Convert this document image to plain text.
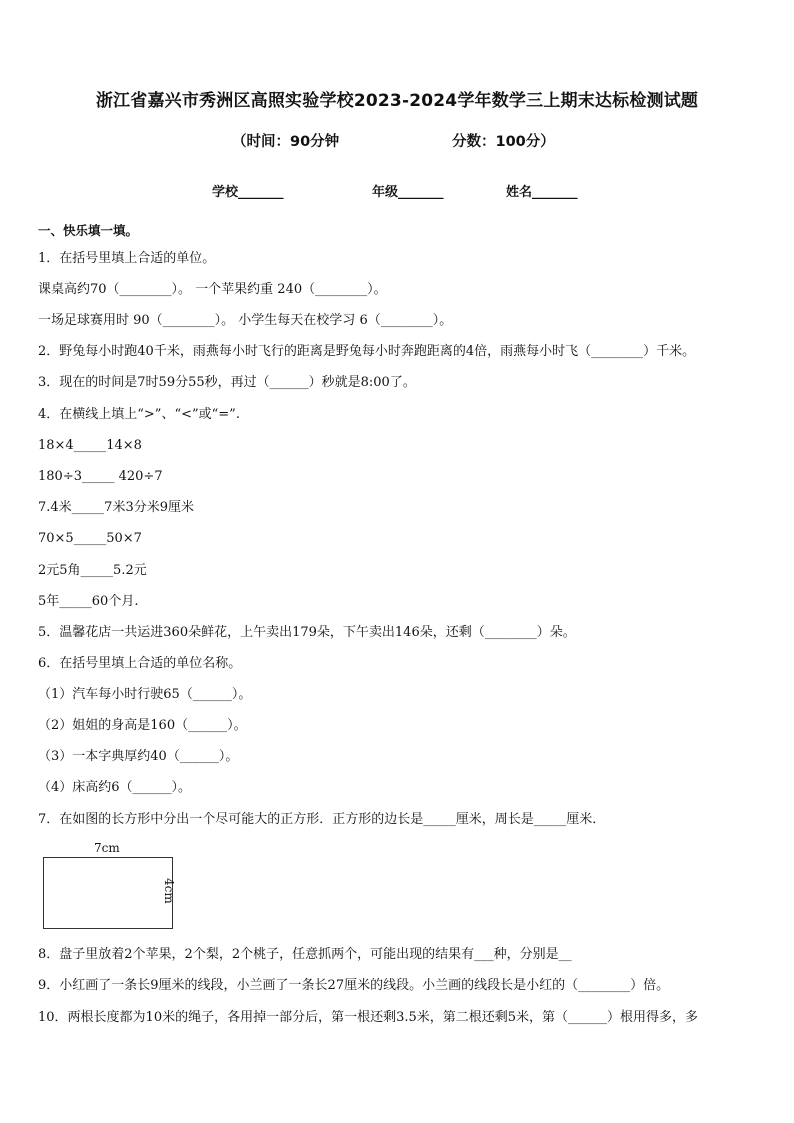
浙江省嘉兴市秀洲区高照实验学校2023-2024学年数学三上期末达标检测试题
（时间：90分钟	分数：100分）
学校_______	年级_______	姓名_______
一、快乐填一填。
1．在括号里填上合适的单位。
课桌高约70（________）。 一个苹果约重 240（________）。
一场足球赛用时 90（________）。 小学生每天在校学习 6（________）。
2．野兔每小时跑40千米，雨燕每小时飞行的距离是野兔每小时奔跑距离的4倍，雨燕每小时飞（________）千米。
3．现在的时间是7时59分55秒，再过（______）秒就是8:00了。
4．在横线上填上“>”、“<”或“=”.
18×4_____14×8
180÷3_____ 420÷7
7.4米_____7米3分米9厘米
70×5_____50×7
2元5角_____5.2元
5年_____60个月.
5．温馨花店一共运进360朵鲜花，上午卖出179朵，下午卖出146朵，还剩（________）朵。
6．在括号里填上合适的单位名称。
（1）汽车每小时行驶65（______）。
（2）姐姐的身高是160（______）。
（3）一本字典厚约40（______）。
（4）床高约6（______）。
7．在如图的长方形中分出一个尽可能大的正方形．正方形的边长是_____厘米，周长是_____厘米．
7cm
4cm
8．盘子里放着2个苹果，2个梨，2个桃子，任意抓两个，可能出现的结果有___种，分别是__
9．小红画了一条长9厘米的线段，小兰画了一条长27厘米的线段。小兰画的线段长是小红的（________）倍。
10．两根长度都为10米的绳子，各用掉一部分后，第一根还剩3.5米，第二根还剩5米，第（______）根用得多，多
